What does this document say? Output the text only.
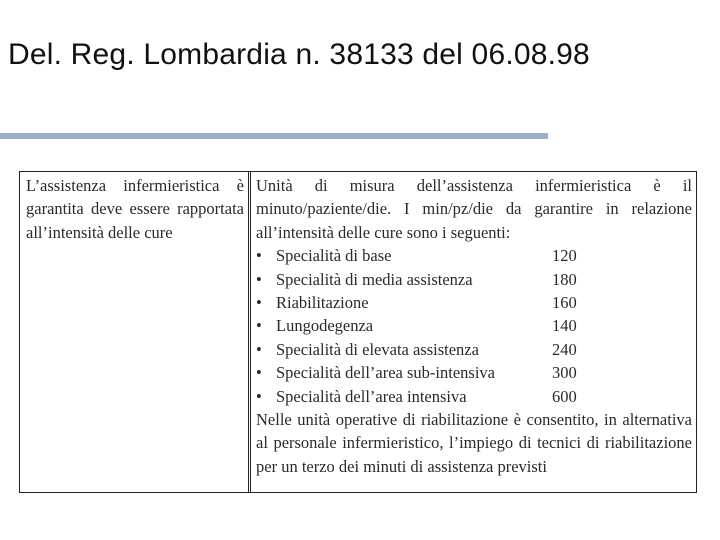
Del. Reg. Lombardia n. 38133 del 06.08.98
L’assistenza infermieristica è garantita deve essere rapportata all’intensità delle cure
Unità di misura dell’assistenza infermieristica è il minuto/paziente/die. I min/pz/die da garantire in relazione all’intensità delle cure sono i seguenti:
• Specialità di base	120
• Specialità di media assistenza	180
• Riabilitazione	160
• Lungodegenza	140
• Specialità di elevata assistenza	240
• Specialità dell’area sub-intensiva	300
• Specialità dell’area intensiva	600
Nelle unità operative di riabilitazione è consentito, in alternativa al personale infermieristico, l’impiego di tecnici di riabilitazione per un terzo dei minuti di assistenza previsti
